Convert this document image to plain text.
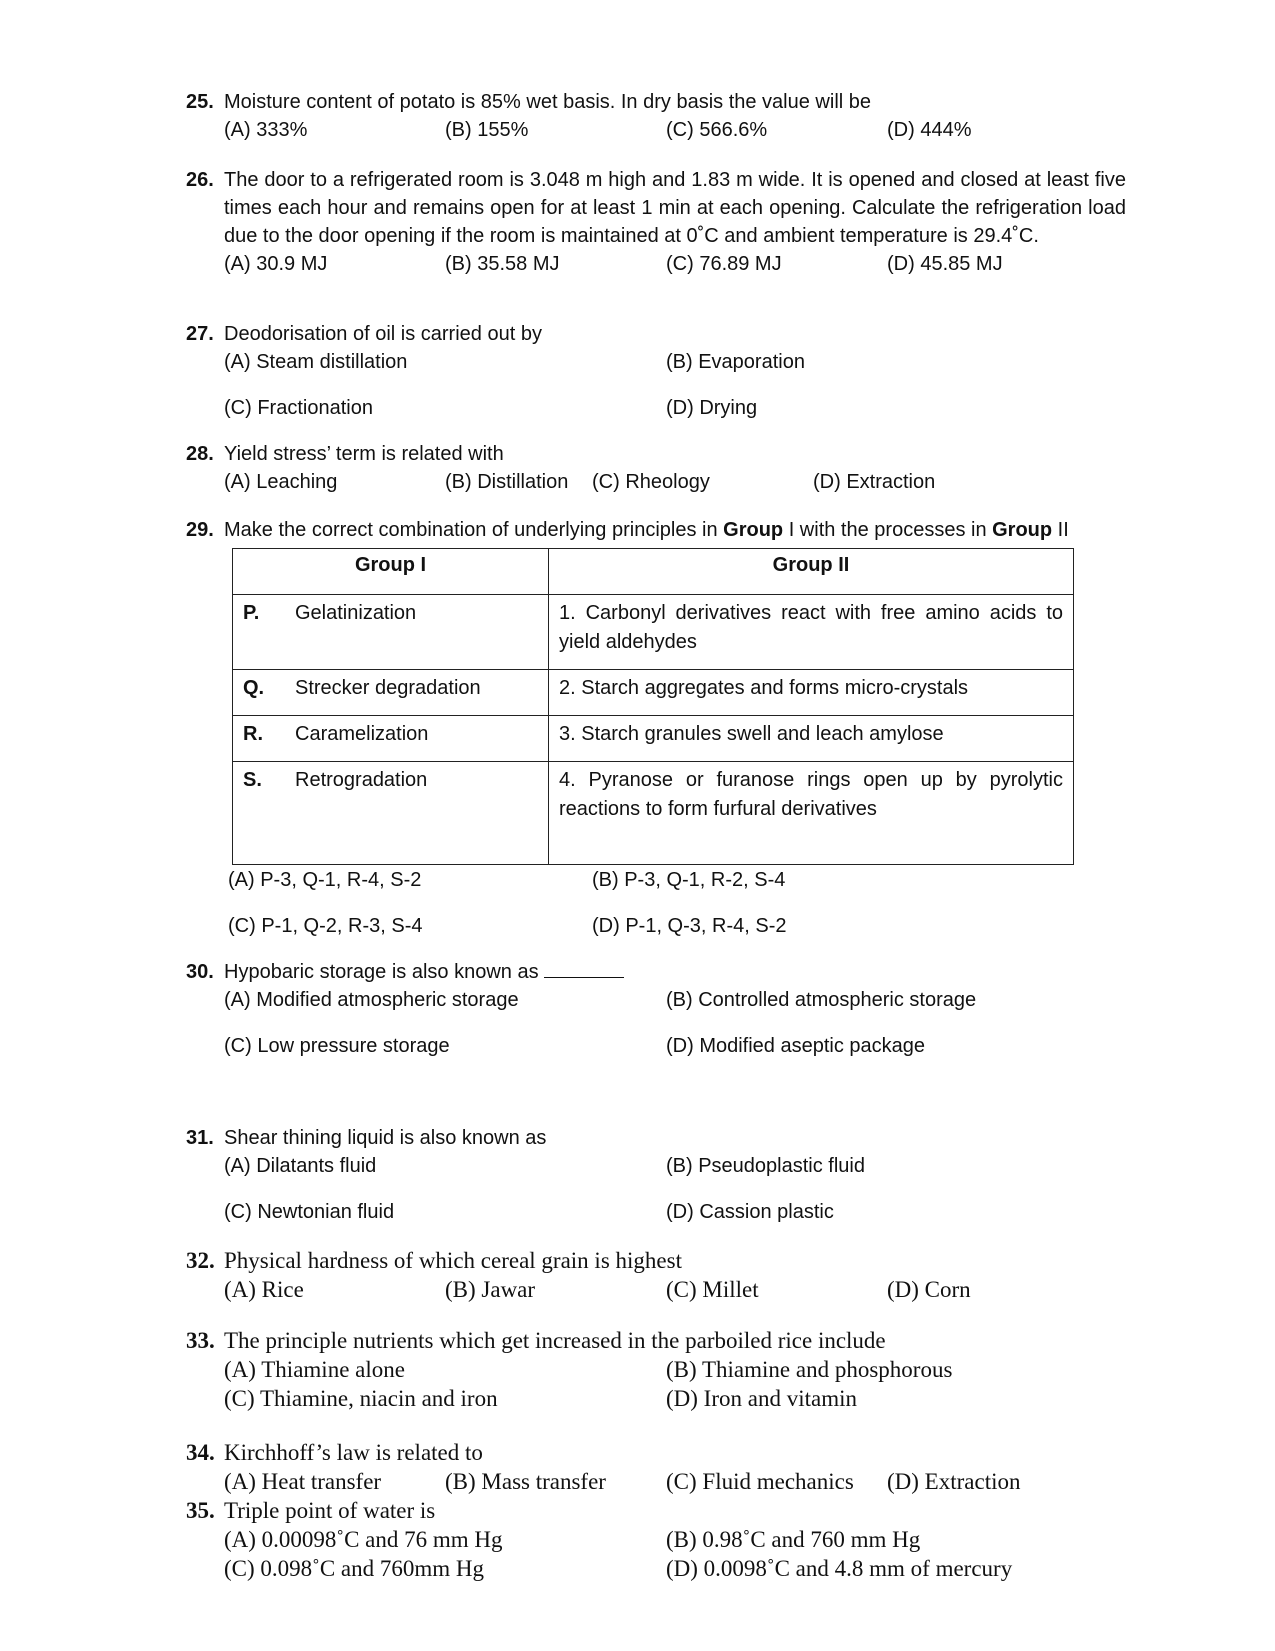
25. Moisture content of potato is 85% wet basis. In dry basis the value will be
(A) 333%	(B) 155%	(C) 566.6%	(D) 444%
26. The door to a refrigerated room is 3.048 m high and 1.83 m wide. It is opened and closed at least five times each hour and remains open for at least 1 min at each opening. Calculate the refrigeration load due to the door opening if the room is maintained at 0˚C and ambient temperature is 29.4˚C.
(A) 30.9 MJ	(B) 35.58 MJ	(C) 76.89 MJ	(D) 45.85 MJ
27. Deodorisation of oil is carried out by
(A) Steam distillation	(B) Evaporation
(C) Fractionation	(D) Drying
28. Yield stress’ term is related with
(A) Leaching	(B) Distillation (C) Rheology	(D) Extraction
29. Make the correct combination of underlying principles in Group I with the processes in Group II
Group I	Group II
P. Gelatinization	1. Carbonyl derivatives react with free amino acids to yield aldehydes
Q. Strecker degradation	2. Starch aggregates and forms micro-crystals
R. Caramelization	3. Starch granules swell and leach amylose
S. Retrogradation	4. Pyranose or furanose rings open up by pyrolytic reactions to form furfural derivatives
(A) P-3, Q-1, R-4, S-2	(B) P-3, Q-1, R-2, S-4
(C) P-1, Q-2, R-3, S-4	(D) P-1, Q-3, R-4, S-2
30. Hypobaric storage is also known as
(A) Modified atmospheric storage	(B) Controlled atmospheric storage
(C) Low pressure storage	(D) Modified aseptic package
31. Shear thining liquid is also known as
(A) Dilatants fluid	(B) Pseudoplastic fluid
(C) Newtonian fluid	(D) Cassion plastic
32. Physical hardness of which cereal grain is highest
(A) Rice	(B) Jawar	(C) Millet	(D) Corn
33. The principle nutrients which get increased in the parboiled rice include
(A) Thiamine alone	(B) Thiamine and phosphorous
(C) Thiamine, niacin and iron	(D) Iron and vitamin
34. Kirchhoff’s law is related to
(A) Heat transfer	(B) Mass transfer	(C) Fluid mechanics (D) Extraction
35. Triple point of water is
(A) 0.00098˚C and 76 mm Hg	(B) 0.98˚C and 760 mm Hg
(C) 0.098˚C and 760mm Hg	(D) 0.0098˚C and 4.8 mm of mercury
